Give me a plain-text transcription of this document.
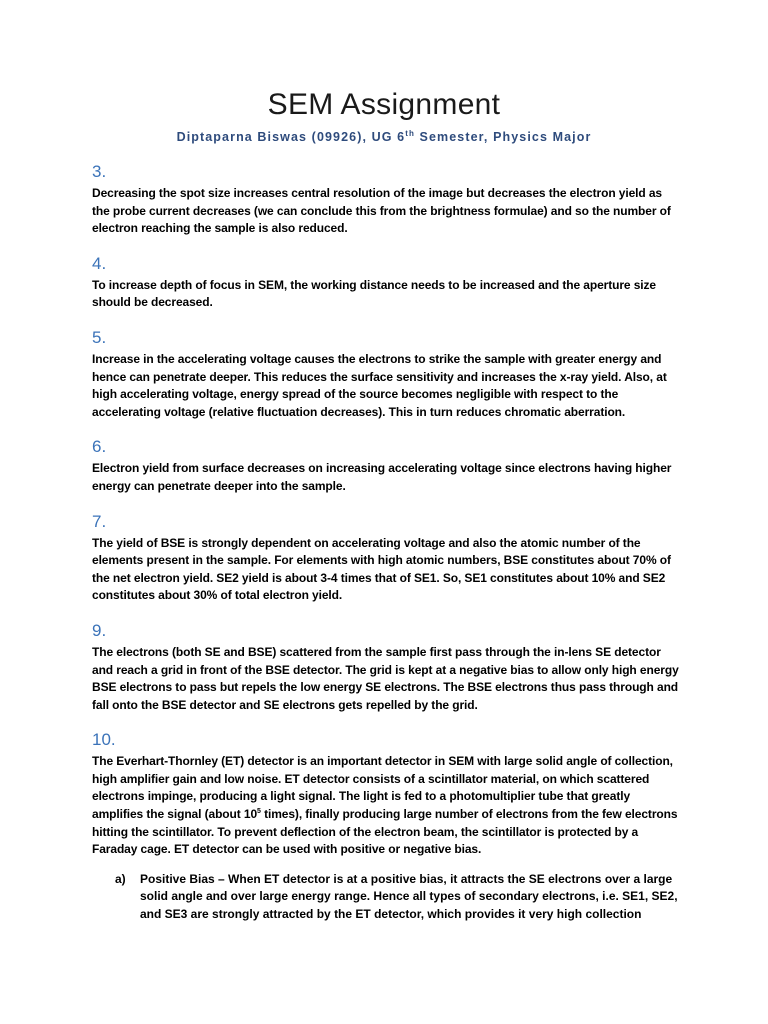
SEM Assignment
Diptaparna Biswas (09926), UG 6th Semester, Physics Major
3.

Decreasing the spot size increases central resolution of the image but decreases the electron yield as the probe current decreases (we can conclude this from the brightness formulae) and so the number of electron reaching the sample is also reduced.

4.

To increase depth of focus in SEM, the working distance needs to be increased and the aperture size should be decreased.

5.

Increase in the accelerating voltage causes the electrons to strike the sample with greater energy and hence can penetrate deeper. This reduces the surface sensitivity and increases the x-ray yield. Also, at high accelerating voltage, energy spread of the source becomes negligible with respect to the accelerating voltage (relative fluctuation decreases). This in turn reduces chromatic aberration.

6.

Electron yield from surface decreases on increasing accelerating voltage since electrons having higher energy can penetrate deeper into the sample.

7.

The yield of BSE is strongly dependent on accelerating voltage and also the atomic number of the elements present in the sample. For elements with high atomic numbers, BSE constitutes about 70% of the net electron yield. SE2 yield is about 3-4 times that of SE1. So, SE1 constitutes about 10% and SE2 constitutes about 30% of total electron yield.

9.

The electrons (both SE and BSE) scattered from the sample first pass through the in-lens SE detector and reach a grid in front of the BSE detector. The grid is kept at a negative bias to allow only high energy BSE electrons to pass but repels the low energy SE electrons. The BSE electrons thus pass through and fall onto the BSE detector and SE electrons gets repelled by the grid.

10.

The Everhart-Thornley (ET) detector is an important detector in SEM with large solid angle of collection, high amplifier gain and low noise. ET detector consists of a scintillator material, on which scattered electrons impinge, producing a light signal. The light is fed to a photomultiplier tube that greatly amplifies the signal (about $10^5$ times), finally producing large number of electrons from the few electrons hitting the scintillator. To prevent deflection of the electron beam, the scintillator is protected by a Faraday cage. ET detector can be used with positive or negative bias.

a)	Positive Bias – When ET detector is at a positive bias, it attracts the SE electrons over a large solid angle and over large energy range. Hence all types of secondary electrons, i.e. SE1, SE2, and SE3 are strongly attracted by the ET detector, which provides it very high collection
